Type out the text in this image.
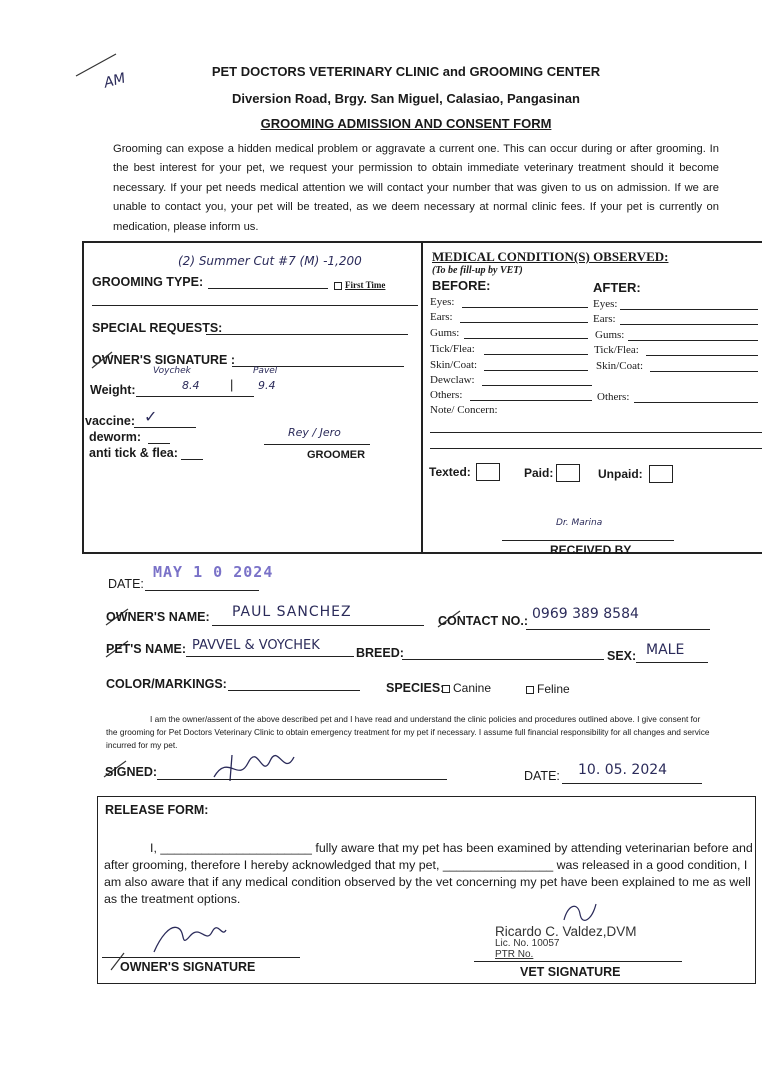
AM	PET DOCTORS VETERINARY CLINIC and GROOMING CENTER
Diversion Road, Brgy. San Miguel, Calasiao, Pangasinan
GROOMING ADMISSION AND CONSENT FORM
Grooming can expose a hidden medical problem or aggravate a current one. This can occur during or after grooming. In the best interest for your pet, we request your permission to obtain immediate veterinary treatment should it become necessary. If your pet needs medical attention we will contact your number that was given to us on admission. If we are unable to contact you, your pet will be treated, as we deem necessary at normal clinic fees. If your pet is currently on medication, please inform us.
(2) Summer Cut #7 (M) -1,200
GROOMING TYPE:	First Time
SPECIAL REQUESTS:
OWNER'S SIGNATURE :
Voychek	Pavel
Weight:	8.4 | 9.4
vaccine: ✓
deworm:
anti tick & flea:
Rey / Jero
GROOMER
MEDICAL CONDITION(S) OBSERVED:
(To be fill-up by VET)
BEFORE:	AFTER:
Eyes:	Eyes:
Ears:	Ears:
Gums:	Gums:
Tick/Flea:	Tick/Flea:
Skin/Coat:	Skin/Coat:
Dewclaw:
Others:	Others:
Note/ Concern:
Texted:	Paid:	Unpaid:
Dr. Marina
RECEIVED BY
MAY 1 0 2024
DATE:
OWNER'S NAME: PAUL SANCHEZ
CONTACT NO.: 0969 389 8584
PET'S NAME: PAVVEL & VOYCHEK	BREED:	SEX: MALE
COLOR/MARKINGS:	SPECIES: Canine	Feline
I am the owner/assent of the above described pet and I have read and understand the clinic policies and procedures outlined above. I give consent for the grooming for Pet Doctors Veterinary Clinic to obtain emergency treatment for my pet if necessary. I assume full financial responsibility for all changes and service incurred for my pet.
SIGNED:	DATE: 10. 05. 2024
RELEASE FORM:
I, ______________________ fully aware that my pet has been examined by attending veterinarian before and after grooming, therefore I hereby acknowledged that my pet, ________________ was released in a good condition, I am also aware that if any medical condition observed by the vet concerning my pet have been explained to me as well as the treatment options.
OWNER'S SIGNATURE
Ricardo C. Valdez,DVM
Lic. No. 10057
PTR No.
VET SIGNATURE
